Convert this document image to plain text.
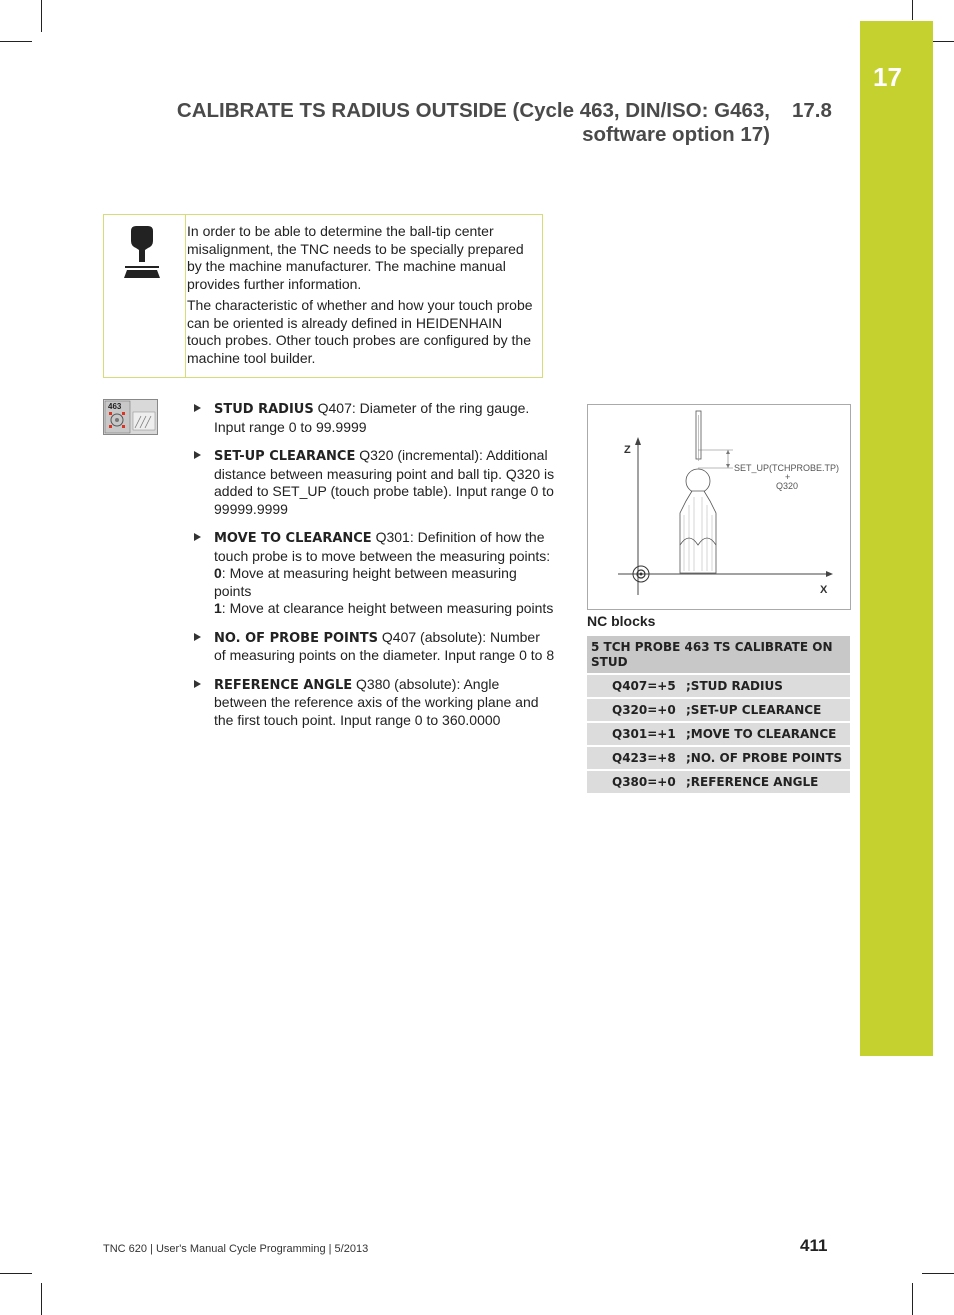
17
CALIBRATE TS RADIUS OUTSIDE (Cycle 463, DIN/ISO: G463,
software option 17)
17.8

In order to be able to determine the ball-tip center misalignment, the TNC needs to be specially prepared by the machine manufacturer. The machine manual provides further information.

The characteristic of whether and how your touch probe can be oriented is already defined in HEIDENHAIN touch probes. Other touch probes are configured by the machine tool builder.

463	STUD RADIUS Q407: Diameter of the ring gauge. Input range 0 to 99.9999
SET-UP CLEARANCE Q320 (incremental): Additional distance between measuring point and ball tip. Q320 is added to SET_UP (touch probe table). Input range 0 to 99999.9999
MOVE TO CLEARANCE Q301: Definition of how the touch probe is to move between the measuring points:
0: Move at measuring height between measuring points
1: Move at clearance height between measuring points
NO. OF PROBE POINTS Q407 (absolute): Number of measuring points on the diameter. Input range 0 to 8
REFERENCE ANGLE Q380 (absolute): Angle between the reference axis of the working plane and the first touch point. Input range 0 to 360.0000
Z
X
SET_UP(TCHPROBE.TP)
+
Q320
NC blocks
5 TCH PROBE 463 TS CALIBRATE ON
STUD	
Q407=+5	;STUD RADIUS
Q320=+0	;SET-UP CLEARANCE
Q301=+1	;MOVE TO CLEARANCE
Q423=+8	;NO. OF PROBE POINTS
Q380=+0	;REFERENCE ANGLE
TNC 620 | User's Manual Cycle Programming | 5/2013	411
